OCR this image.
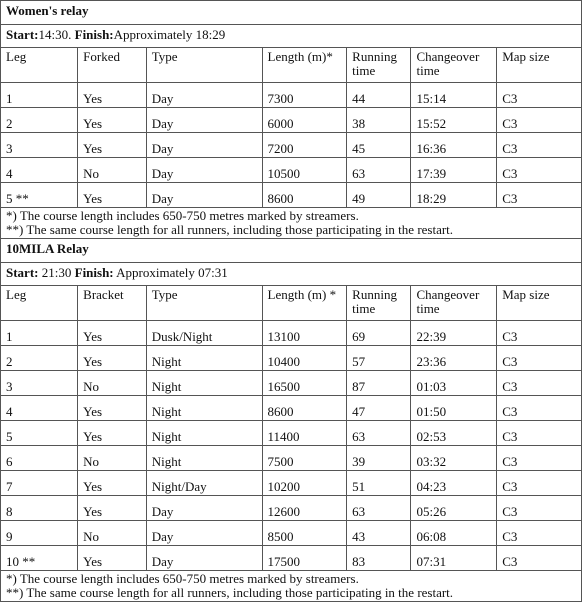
Women's relay						
Start:14:30. Finish:Approximately 18:29						
Leg	Forked	Type	Length (m)*	Running time	Changeover time	Map size
1	Yes	Day	7300	44	15:14	C3
2	Yes	Day	6000	38	15:52	C3
3	Yes	Day	7200	45	16:36	C3
4	No	Day	10500	63	17:39	C3
5 **	Yes	Day	8600	49	18:29	C3

*) The course length includes 650-750 metres marked by streamers.
**) The same course length for all runners, including those participating in the restart.						

10MILA Relay						
Start: 21:30 Finish: Approximately 07:31						
Leg	Bracket	Type	Length (m) *	Running time	Changeover time	Map size
1	Yes	Dusk/Night	13100	69	22:39	C3
2	Yes	Night	10400	57	23:36	C3
3	No	Night	16500	87	01:03	C3
4	Yes	Night	8600	47	01:50	C3
5	Yes	Night	11400	63	02:53	C3
6	No	Night	7500	39	03:32	C3
7	Yes	Night/Day	10200	51	04:23	C3
8	Yes	Day	12600	63	05:26	C3
9	No	Day	8500	43	06:08	C3
10 **	Yes	Day	17500	83	07:31	C3

*) The course length includes 650-750 metres marked by streamers.
**) The same course length for all runners, including those participating in the restart.						
